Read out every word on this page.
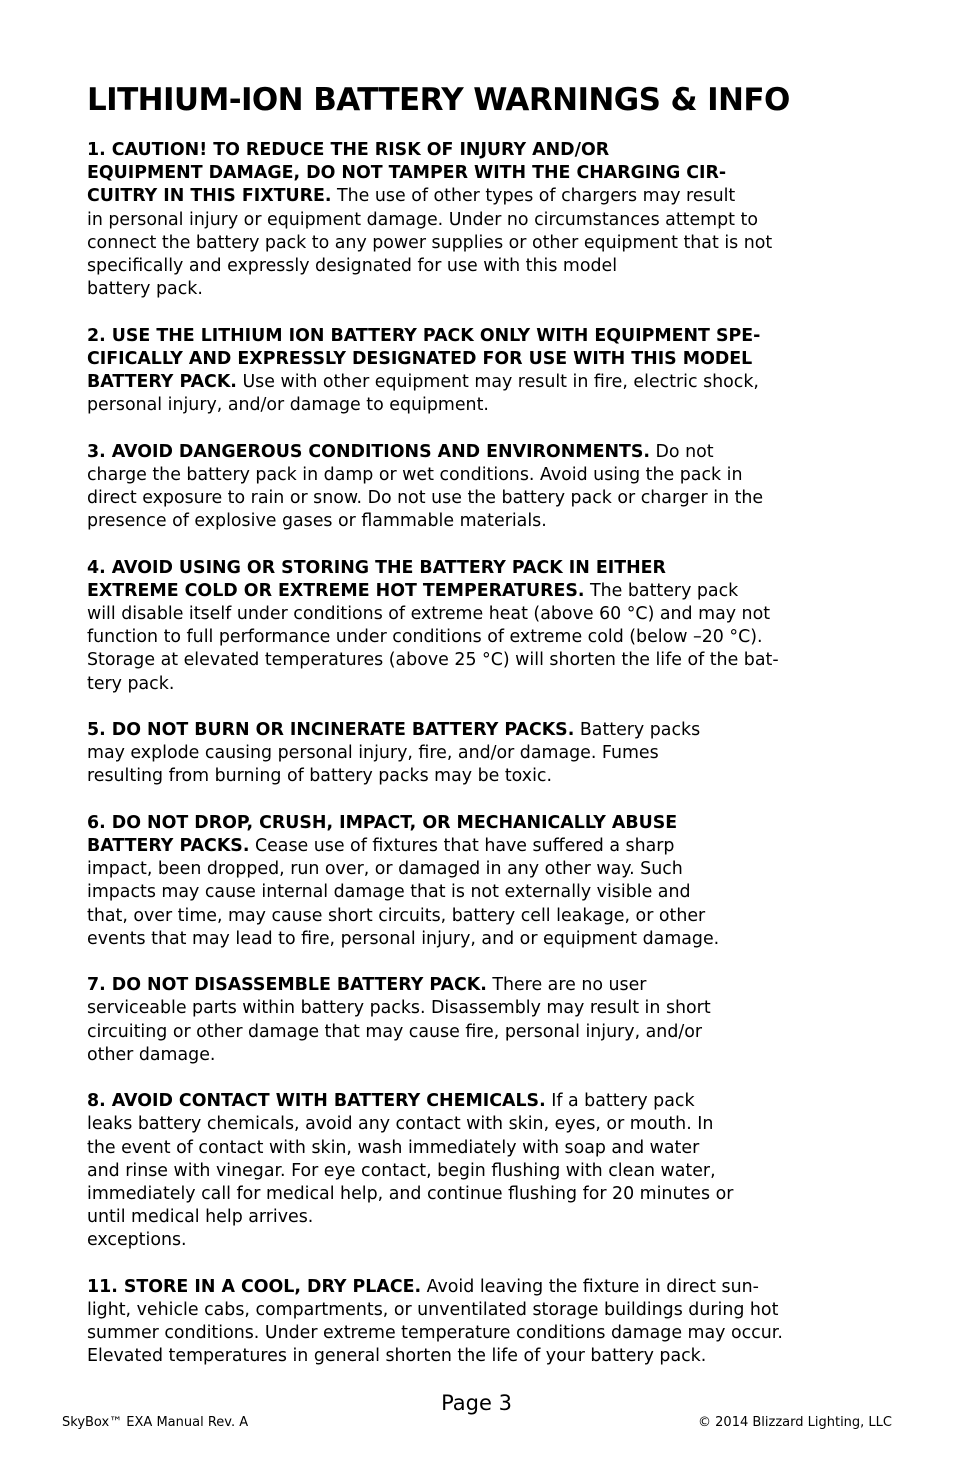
LITHIUM-ION BATTERY WARNINGS & INFO

1. CAUTION! TO REDUCE THE RISK OF INJURY AND/OR
EQUIPMENT DAMAGE, DO NOT TAMPER WITH THE CHARGING CIR-
CUITRY IN THIS FIXTURE. The use of other types of chargers may result
in personal injury or equipment damage. Under no circumstances attempt to
connect the battery pack to any power supplies or other equipment that is not
specifically and expressly designated for use with this model
battery pack.

2. USE THE LITHIUM ION BATTERY PACK ONLY WITH EQUIPMENT SPE-
CIFICALLY AND EXPRESSLY DESIGNATED FOR USE WITH THIS MODEL
BATTERY PACK. Use with other equipment may result in fire, electric shock,
personal injury, and/or damage to equipment.

3. AVOID DANGEROUS CONDITIONS AND ENVIRONMENTS. Do not
charge the battery pack in damp or wet conditions. Avoid using the pack in
direct exposure to rain or snow. Do not use the battery pack or charger in the
presence of explosive gases or flammable materials.

4. AVOID USING OR STORING THE BATTERY PACK IN EITHER
EXTREME COLD OR EXTREME HOT TEMPERATURES. The battery pack
will disable itself under conditions of extreme heat (above 60 °C) and may not
function to full performance under conditions of extreme cold (below –20 °C).
Storage at elevated temperatures (above 25 °C) will shorten the life of the bat-
tery pack.

5. DO NOT BURN OR INCINERATE BATTERY PACKS. Battery packs
may explode causing personal injury, fire, and/or damage. Fumes
resulting from burning of battery packs may be toxic.

6. DO NOT DROP, CRUSH, IMPACT, OR MECHANICALLY ABUSE
BATTERY PACKS. Cease use of fixtures that have suffered a sharp
impact, been dropped, run over, or damaged in any other way. Such
impacts may cause internal damage that is not externally visible and
that, over time, may cause short circuits, battery cell leakage, or other
events that may lead to fire, personal injury, and or equipment damage.

7. DO NOT DISASSEMBLE BATTERY PACK. There are no user
serviceable parts within battery packs. Disassembly may result in short
circuiting or other damage that may cause fire, personal injury, and/or
other damage.

8. AVOID CONTACT WITH BATTERY CHEMICALS. If a battery pack
leaks battery chemicals, avoid any contact with skin, eyes, or mouth. In
the event of contact with skin, wash immediately with soap and water
and rinse with vinegar. For eye contact, begin flushing with clean water,
immediately call for medical help, and continue flushing for 20 minutes or
until medical help arrives.
exceptions.

11. STORE IN A COOL, DRY PLACE. Avoid leaving the fixture in direct sun-
light, vehicle cabs, compartments, or unventilated storage buildings during hot
summer conditions. Under extreme temperature conditions damage may occur.
Elevated temperatures in general shorten the life of your battery pack.

Page 3
SkyBox™ EXA Manual Rev. A	© 2014 Blizzard Lighting, LLC
